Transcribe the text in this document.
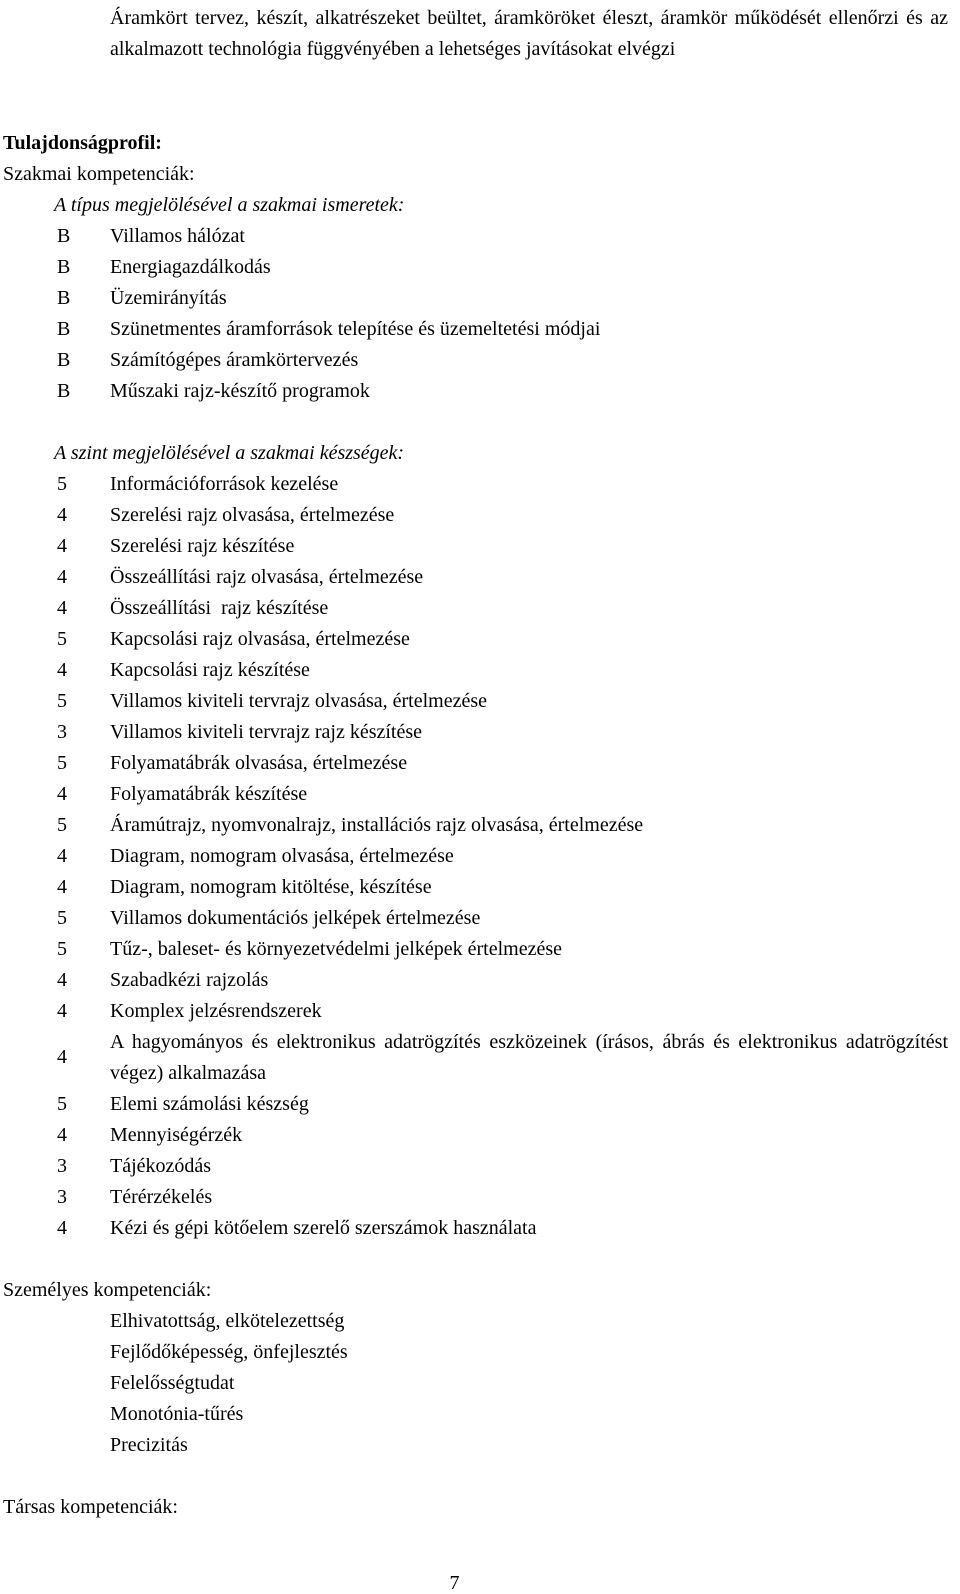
Áramkört tervez, készít, alkatrészeket beültet, áramköröket éleszt, áramkör működését ellenőrzi és az alkalmazott technológia függvényében a lehetséges javításokat elvégzi
Tulajdonságprofil:
Szakmai kompetenciák:
A típus megjelölésével a szakmai ismeretek:
B Villamos hálózat
B Energiagazdálkodás
B Üzemirányítás
B Szünetmentes áramforrások telepítése és üzemeltetési módjai
B Számítógépes áramkörtervezés
B Műszaki rajz-készítő programok
A szint megjelölésével a szakmai készségek:
5 Információforrások kezelése
4 Szerelési rajz olvasása, értelmezése
4 Szerelési rajz készítése
4 Összeállítási rajz olvasása, értelmezése
4 Összeállítási  rajz készítése
5 Kapcsolási rajz olvasása, értelmezése
4 Kapcsolási rajz készítése
5 Villamos kiviteli tervrajz olvasása, értelmezése
3 Villamos kiviteli tervrajz rajz készítése
5 Folyamatábrák olvasása, értelmezése
4 Folyamatábrák készítése
5 Áramútrajz, nyomvonalrajz, installációs rajz olvasása, értelmezése
4 Diagram, nomogram olvasása, értelmezése
4 Diagram, nomogram kitöltése, készítése
5 Villamos dokumentációs jelképek értelmezése
5 Tűz-, baleset- és környezetvédelmi jelképek értelmezése
4 Szabadkézi rajzolás
4 Komplex jelzésrendszerek
4
A hagyományos és elektronikus adatrögzítés eszközeinek (írásos, ábrás és elektronikus adatrögzítést végez) alkalmazása
5 Elemi számolási készség
4 Mennyiségérzék
3 Tájékozódás
3 Térérzékelés
4 Kézi és gépi kötőelem szerelő szerszámok használata
Személyes kompetenciák:
Elhivatottság, elkötelezettség
Fejlődőképesség, önfejlesztés
Felelősségtudat
Monotónia-tűrés
Precizitás
Társas kompetenciák:
7
